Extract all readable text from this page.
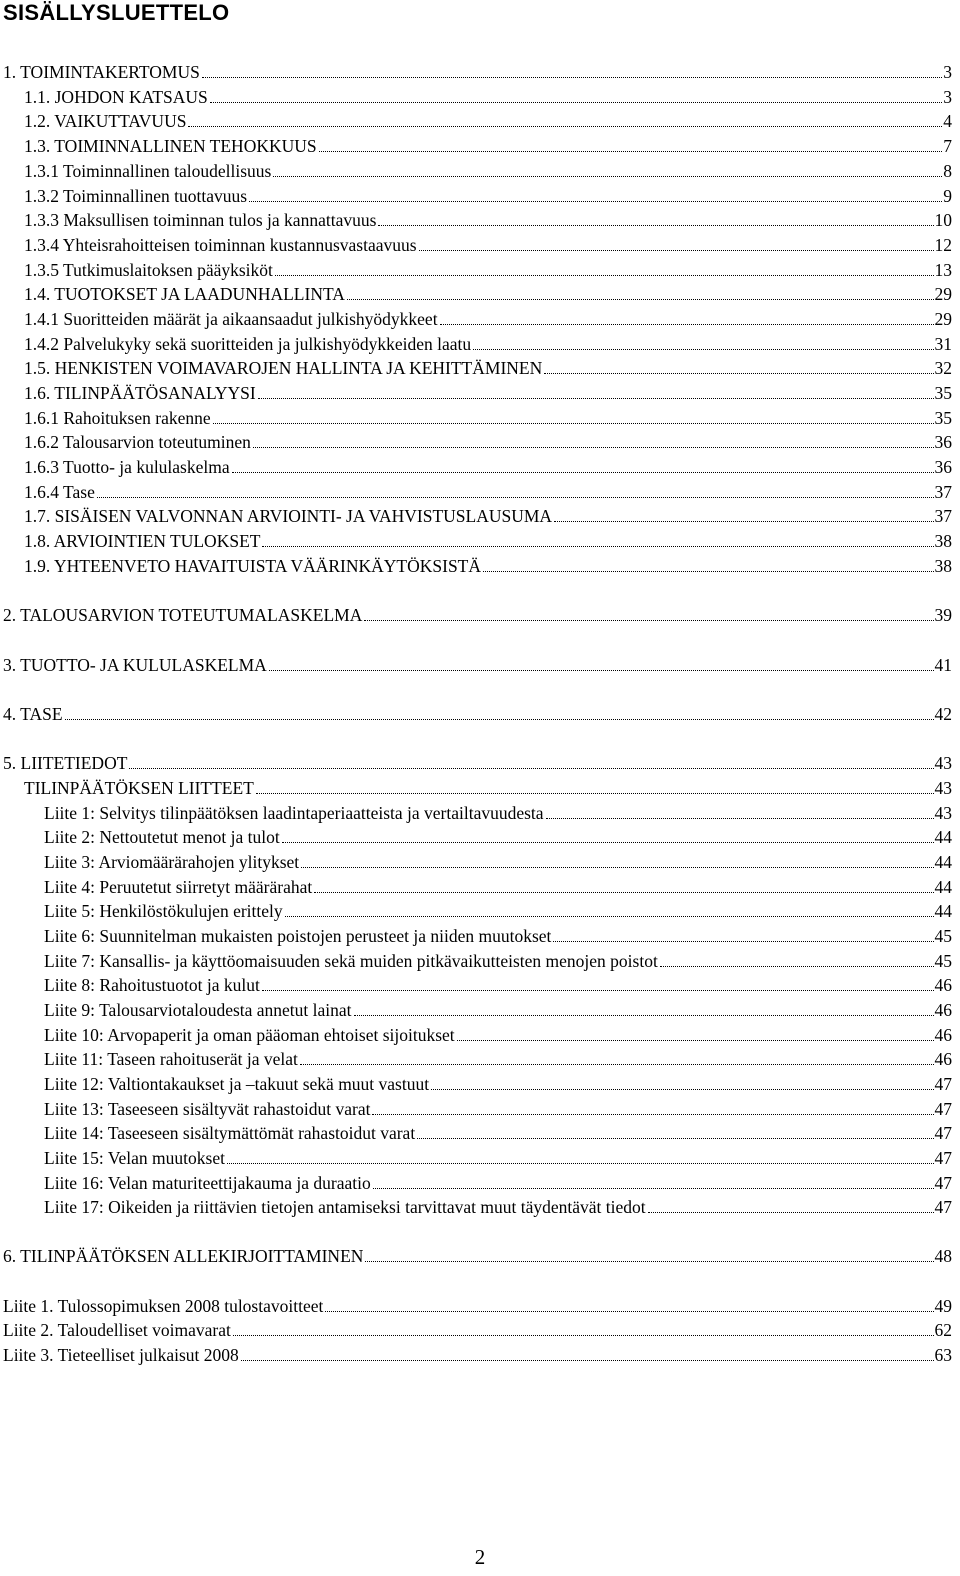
SISÄLLYSLUETTELO
1. TOIMINTAKERTOMUS	3
1.1. JOHDON KATSAUS	3
1.2. VAIKUTTAVUUS	4
1.3. TOIMINNALLINEN TEHOKKUUS	7
1.3.1 Toiminnallinen taloudellisuus	8
1.3.2 Toiminnallinen tuottavuus	9
1.3.3 Maksullisen toiminnan tulos ja kannattavuus	10
1.3.4 Yhteisrahoitteisen toiminnan kustannusvastaavuus	12
1.3.5 Tutkimuslaitoksen pääyksiköt	13
1.4. TUOTOKSET JA LAADUNHALLINTA	29
1.4.1 Suoritteiden määrät ja aikaansaadut julkishyödykkeet	29
1.4.2 Palvelukyky sekä suoritteiden ja julkishyödykkeiden laatu	31
1.5. HENKISTEN VOIMAVAROJEN HALLINTA JA KEHITTÄMINEN	32
1.6. TILINPÄÄTÖSANALYYSI	35
1.6.1 Rahoituksen rakenne	35
1.6.2 Talousarvion toteutuminen	36
1.6.3 Tuotto- ja kululaskelma	36
1.6.4 Tase	37
1.7. SISÄISEN VALVONNAN ARVIOINTI- JA VAHVISTUSLAUSUMA	37
1.8. ARVIOINTIEN TULOKSET	38
1.9. YHTEENVETO HAVAITUISTA VÄÄRINKÄYTÖKSISTÄ	38
2. TALOUSARVION TOTEUTUMALASKELMA	39
3. TUOTTO- JA KULULASKELMA	41
4. TASE	42
5. LIITETIEDOT	43
TILINPÄÄTÖKSEN LIITTEET	43
Liite 1: Selvitys tilinpäätöksen laadintaperiaatteista ja vertailtavuudesta	43
Liite 2: Nettoutetut menot ja tulot	44
Liite 3: Arviomäärärahojen ylitykset	44
Liite 4: Peruutetut siirretyt määrärahat	44
Liite 5: Henkilöstökulujen erittely	44
Liite 6: Suunnitelman mukaisten poistojen perusteet ja niiden muutokset	45
Liite 7: Kansallis- ja käyttöomaisuuden sekä muiden pitkävaikutteisten menojen poistot	45
Liite 8: Rahoitustuotot ja kulut	46
Liite 9: Talousarviotaloudesta annetut lainat	46
Liite 10: Arvopaperit ja oman pääoman ehtoiset sijoitukset	46
Liite 11: Taseen rahoituserät ja velat	46
Liite 12: Valtiontakaukset ja –takuut sekä muut vastuut	47
Liite 13: Taseeseen sisältyvät rahastoidut varat	47
Liite 14: Taseeseen sisältymättömät rahastoidut varat	47
Liite 15: Velan muutokset	47
Liite 16: Velan maturiteettijakauma ja duraatio	47
Liite 17: Oikeiden ja riittävien tietojen antamiseksi tarvittavat muut täydentävät tiedot	47
6. TILINPÄÄTÖKSEN ALLEKIRJOITTAMINEN	48
Liite 1. Tulossopimuksen 2008 tulostavoitteet	49
Liite 2. Taloudelliset voimavarat	62
Liite 3. Tieteelliset julkaisut 2008	63
2
